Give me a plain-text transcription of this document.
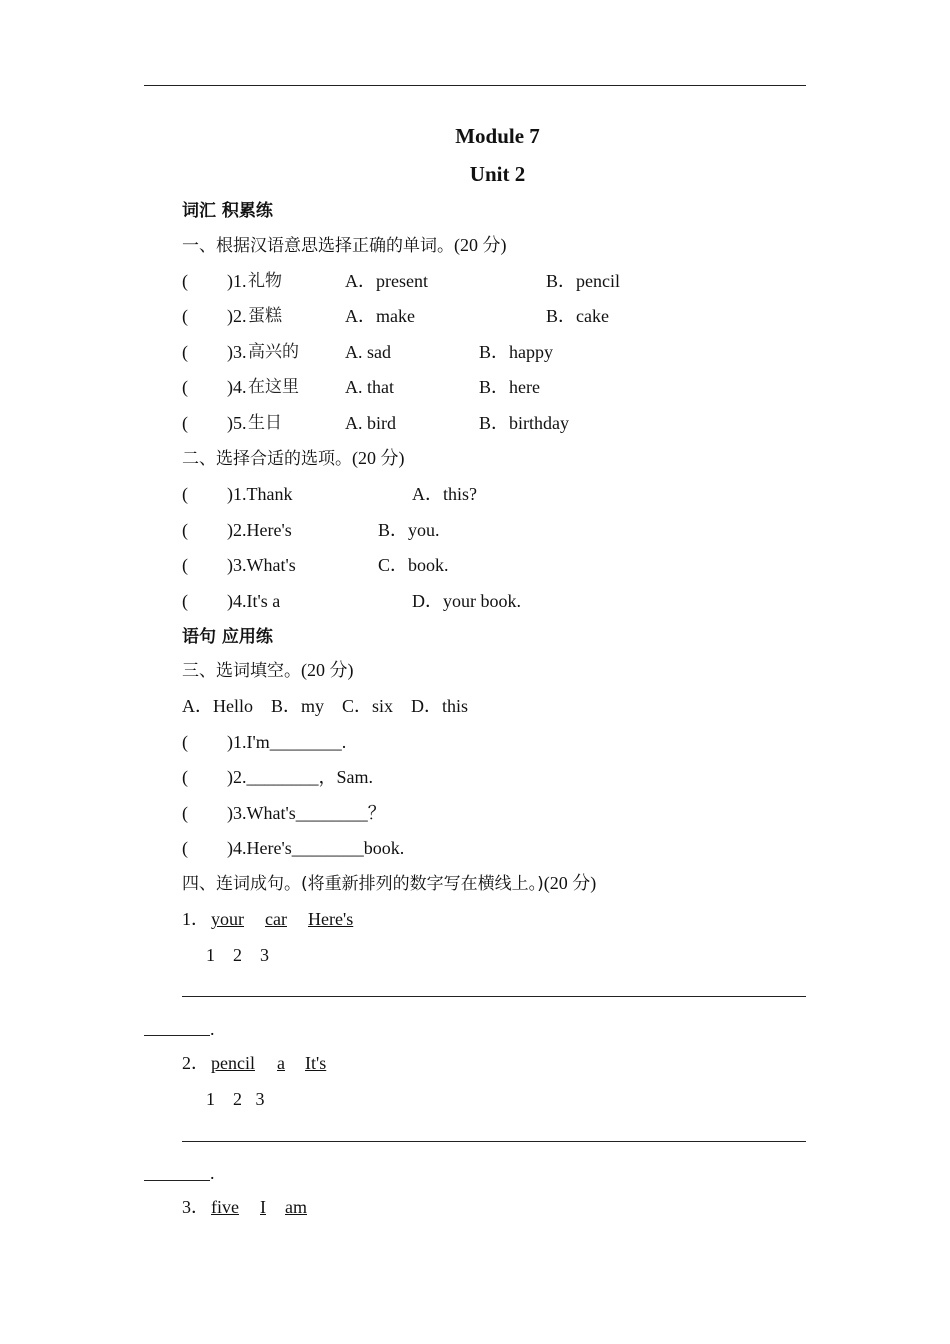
Module 7
Unit 2
词汇 积累练
一、根据汉语意思选择正确的单词。(20 分)
( )1. 礼物	A．present	B．pencil
( )2. 蛋糕	A．make	B．cake
( )3. 高兴的	A. sad	B．happy
( )4. 在这里	A. that	B．here
( )5. 生日	A. bird	B．birthday
二、选择合适的选项。(20 分)
( )1.Thank	A．this?
( )2.Here's	B．you.
( )3.What's	C．book.
( )4.It's a	D．your book.
语句 应用练
三、选词填空。(20 分)
A．Hello    B．my    C．six    D．this
( )1.I'm________.
( )2.________，Sam.
( )3.What's________？
( )4.Here's________book.
四、连词成句。(将重新排列的数字写在横线上。)(20 分)
1． your car Here's
1    2    3
.
2． pencil a It's
1    2   3
.
3． five I am
